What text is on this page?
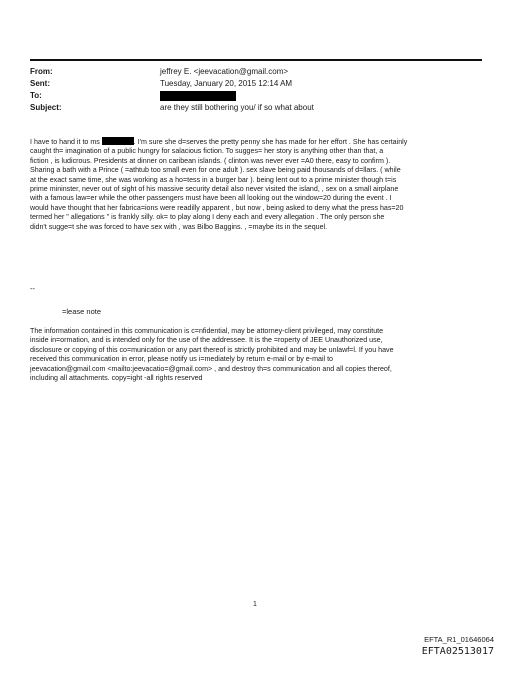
From:	jeffrey E. <jeevacation@gmail.com>
Sent:	Tuesday, January 20, 2015 12:14 AM
To:
Subject:	are they still bothering you/ if so what about
I have to hand it to ms	. I'm sure she d=serves the pretty penny she has made for her effort . She has certainly
caught th= imagination of a public hungry for salacious fiction. To sugges= her story is anything other than that, a
fiction , is ludicrous. Presidents at dinner on caribean islands. ( clinton was never ever =A0 there, easy to confirm ).
Sharing a bath with a Prince ( =athtub too small even for one adult ). sex slave being paid thousands of d=llars. ( while
at the exact same time, she was working as a ho=tess in a burger bar ). being lent out to a prime minister though t=is
prime mininster, never out of sight of his massive security detail also never visited the island, , sex on a small airplane
with a famous law=er while the other passengers must have been all looking out the window=20 during the event . I
would have thought that her fabrica=ions were readilly apparent , but now , being asked to deny what the press has=20
termed her " allegations " is frankly silly. ok= to play along I deny each and every allegation . The only person she
didn't sugge=t she was forced to have sex with , was Bilbo Baggins. , =maybe its in the sequel.
--
=lease note
The information contained in this communication is c=nfidential, may be attorney-client privileged, may constitute
inside in=ormation, and is intended only for the use of the addressee. It is the =roperty of JEE Unauthorized use,
disclosure or copying of this co=munication or any part thereof is strictly prohibited and may be unlawf=l. If you have
received this communication in error, please notify us i=mediately by return e-mail or by e-mail to
jeevacation@gmail.com <mailto:jeevacatio=@gmail.com> , and destroy th=s communication and all copies thereof,
including all attachments. copy=ight -all rights reserved
1
EFTA_R1_01646064
EFTA02513017
